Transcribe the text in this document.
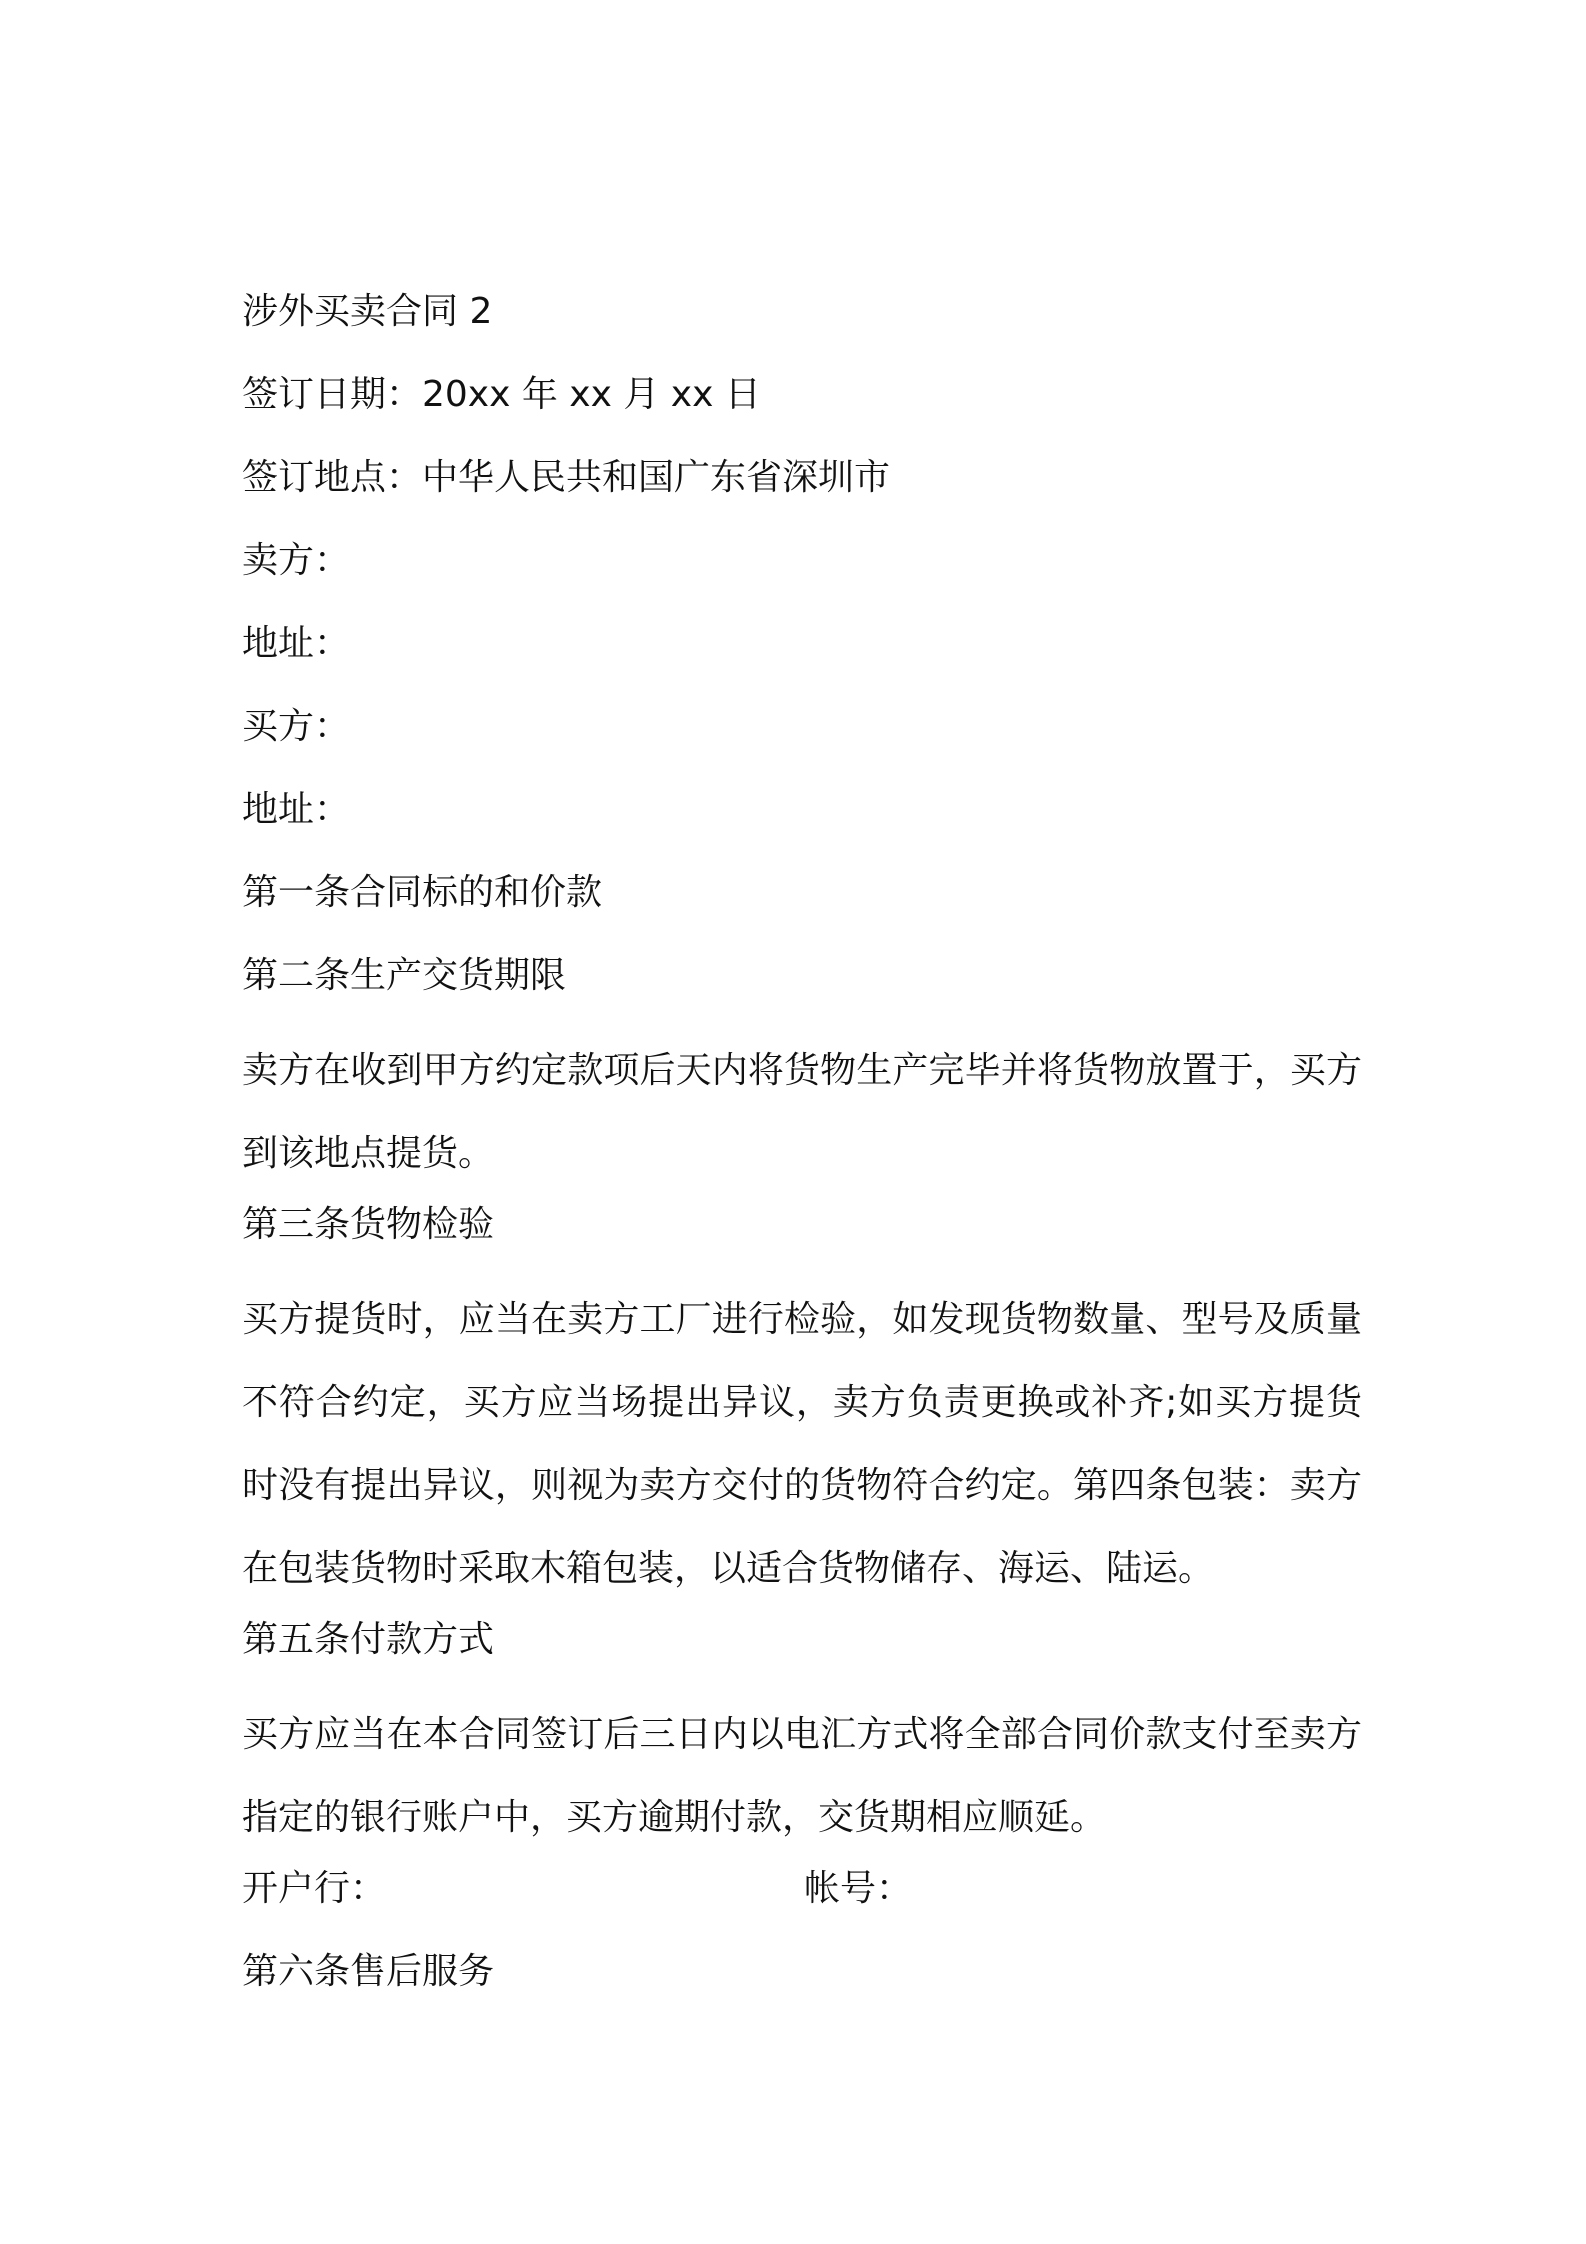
涉外买卖合同 2
签订日期：20xx 年 xx 月 xx 日
签订地点：中华人民共和国广东省深圳市
卖方：
地址：
买方：
地址：
第一条合同标的和价款
第二条生产交货期限
卖方在收到甲方约定款项后天内将货物生产完毕并将货物放置于，买方到该地点提货。
第三条货物检验
买方提货时，应当在卖方工厂进行检验，如发现货物数量、型号及质量不符合约定，买方应当场提出异议，卖方负责更换或补齐;如买方提货时没有提出异议，则视为卖方交付的货物符合约定。第四条包装：卖方在包装货物时采取木箱包装，以适合货物储存、海运、陆运。
第五条付款方式
买方应当在本合同签订后三日内以电汇方式将全部合同价款支付至卖方指定的银行账户中，买方逾期付款，交货期相应顺延。
开户行：	帐号：
第六条售后服务
